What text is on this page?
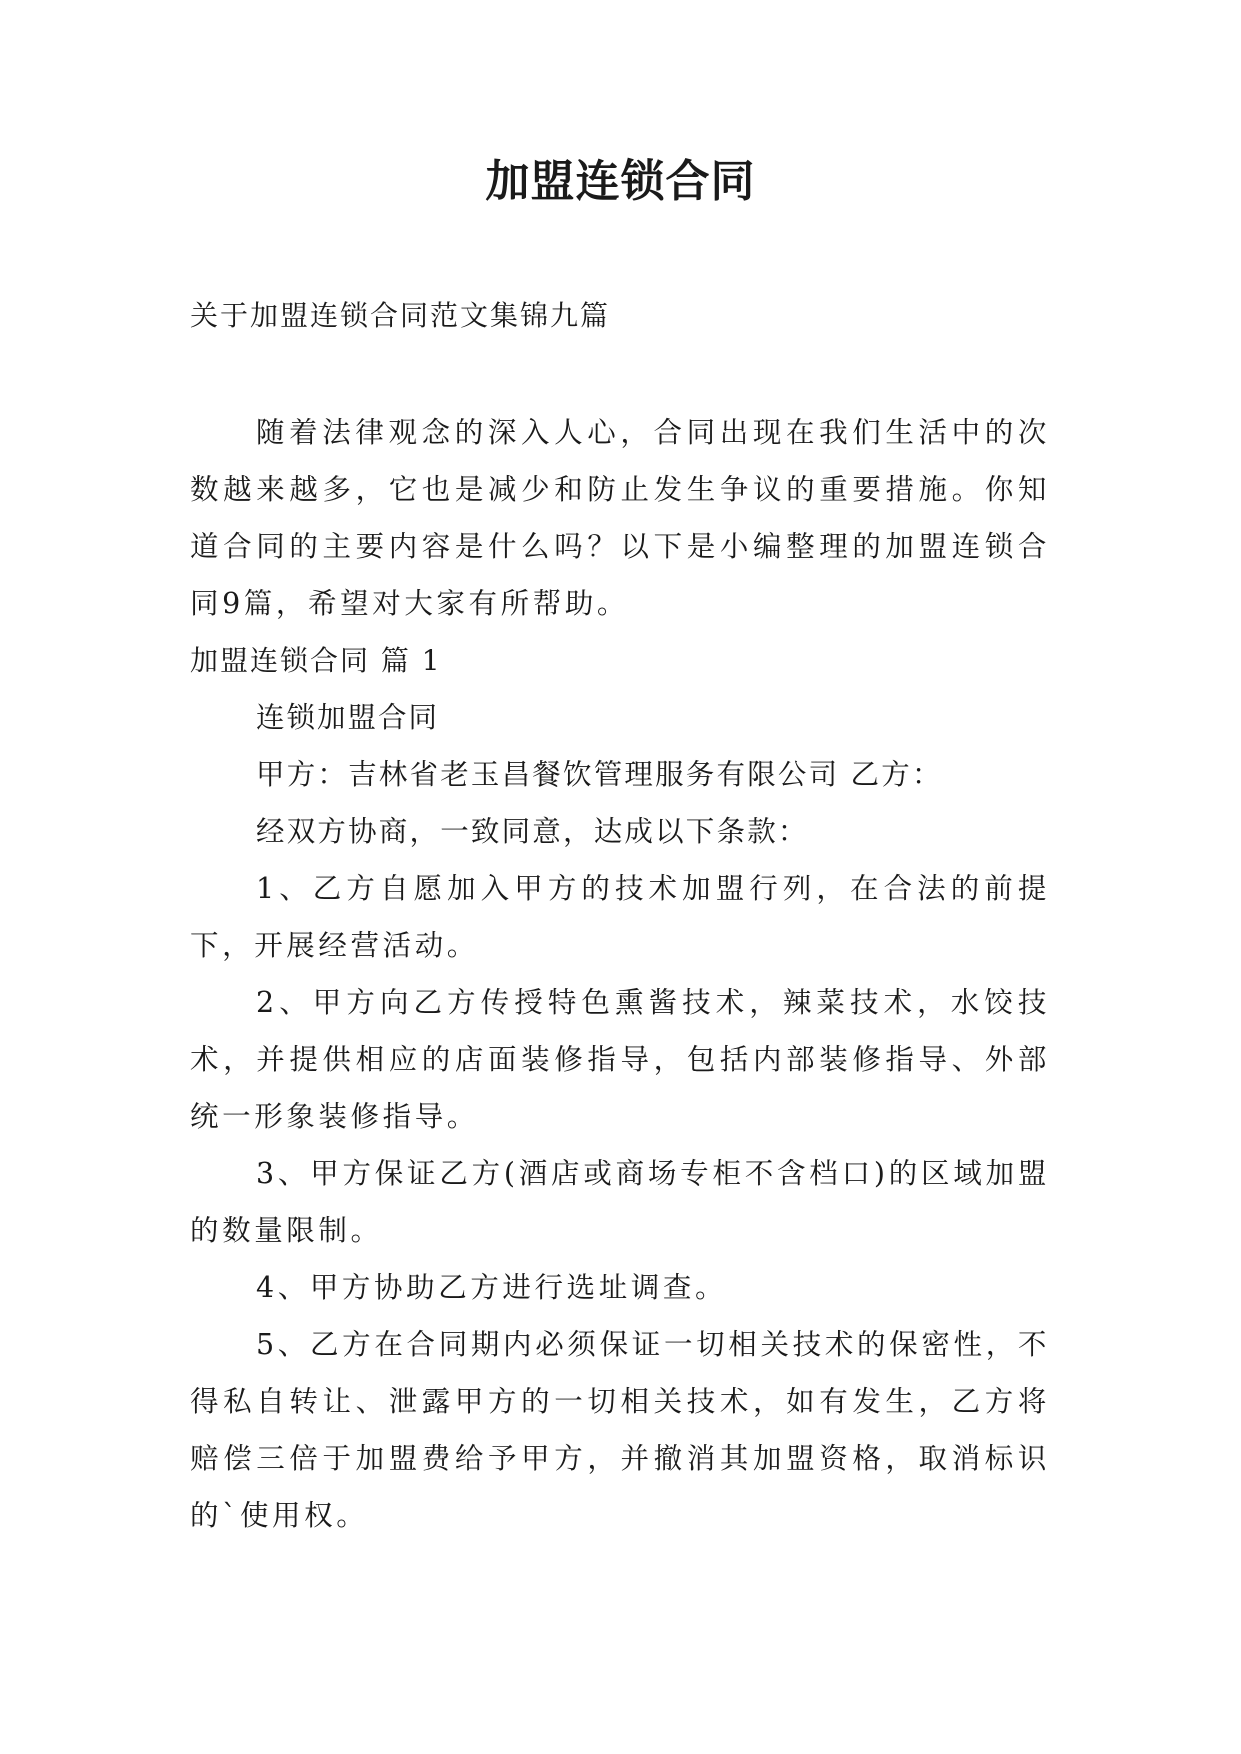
加盟连锁合同

关于加盟连锁合同范文集锦九篇

随着法律观念的深入人心，合同出现在我们生活中的次数越来越多，它也是减少和防止发生争议的重要措施。你知道合同的主要内容是什么吗？以下是小编整理的加盟连锁合同9篇，希望对大家有所帮助。

加盟连锁合同 篇 1

连锁加盟合同

甲方：吉林省老玉昌餐饮管理服务有限公司 乙方：

经双方协商，一致同意，达成以下条款：

1、乙方自愿加入甲方的技术加盟行列，在合法的前提下，开展经营活动。

2、甲方向乙方传授特色熏酱技术，辣菜技术，水饺技术，并提供相应的店面装修指导，包括内部装修指导、外部统一形象装修指导。

3、甲方保证乙方(酒店或商场专柜不含档口)的区域加盟的数量限制。

4、甲方协助乙方进行选址调查。

5、乙方在合同期内必须保证一切相关技术的保密性，不得私自转让、泄露甲方的一切相关技术，如有发生，乙方将赔偿三倍于加盟费给予甲方，并撤消其加盟资格，取消标识的`使用权。
